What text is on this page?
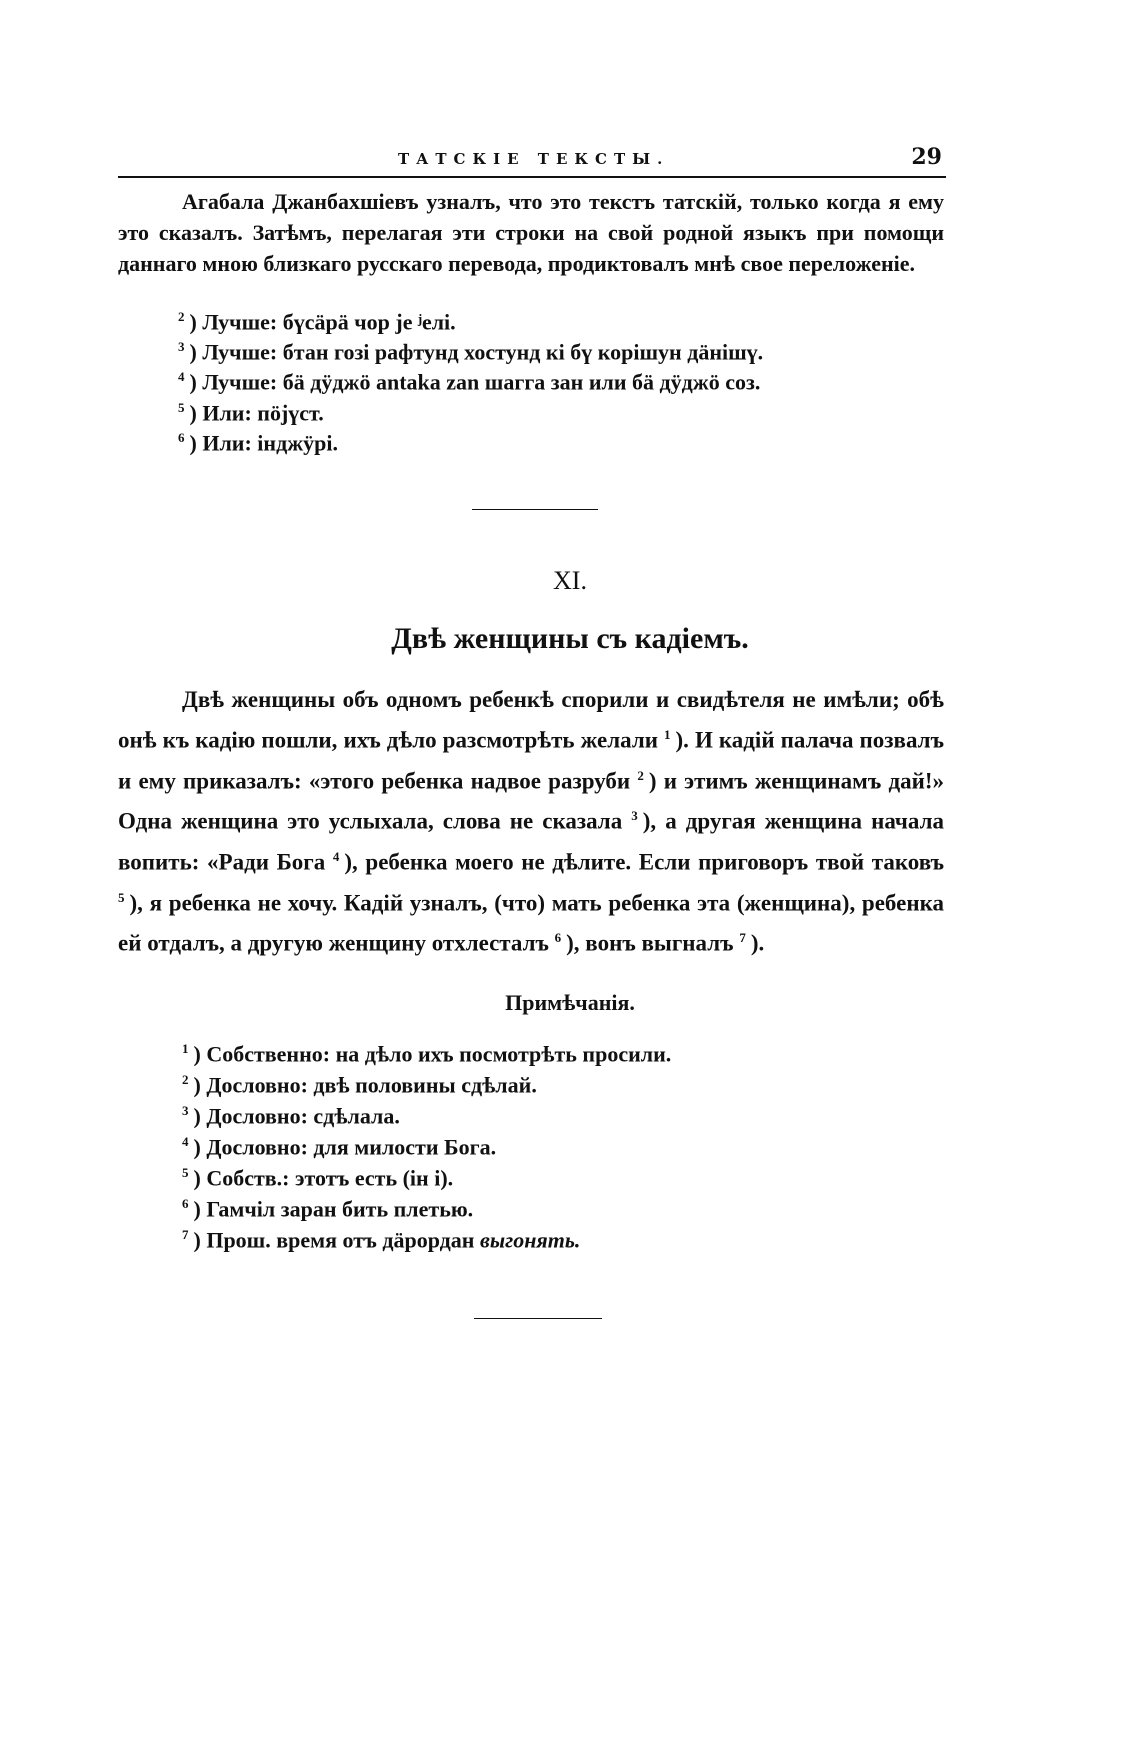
ТАТСКІЕ ТЕКСТЫ.	29
Агабала Джанбахшіевъ узналъ, что это текстъ татскій, только когда я ему это сказалъ. Затѣмъ, перелагая эти строки на свой родной языкъ при помощи даннаго мною близкаго русскаго перевода, продиктовалъ мнѣ свое переложеніе.
$^2$ ) Лучше: бүсäрä чор јe ʲeлi.
$^3$ ) Лучше: бтан гозi рафтунд хостунд кі бү корiшун дäнiшү.
$^4$ ) Лучше: бä дӱджö antaka zan шагга зан или бä дӱджö соз.
$^5$ ) Или: пöјүст.
$^6$ ) Или: iнджӱрi.
XI.
Двѣ женщины съ кадіемъ.
Двѣ женщины объ одномъ ребенкѣ спорили и свидѣтеля не имѣли; обѣ онѣ къ кадію пошли, ихъ дѣло разсмотрѣть желали $^1$ ). И кадій палача позвалъ и ему приказалъ: «этого ребенка надвое разруби $^2$ ) и этимъ женщинамъ дай!» Одна женщина это услыхала, слова не сказала $^3$ ), а другая женщина начала вопить: «Ради Бога $^4$ ), ребенка моего не дѣлите. Если приговоръ твой таковъ $^5$ ), я ребенка не хочу. Кадій узналъ, (что) мать ребенка эта (женщина), ребенка ей отдалъ, а другую женщину отхлесталъ $^6$ ), вонъ выгналъ $^7$ ).
Примѣчанія.
$^1$ ) Собственно: на дѣло ихъ посмотрѣть просили.
$^2$ ) Дословно: двѣ половины сдѣлай.
$^3$ ) Дословно: сдѣлала.
$^4$ ) Дословно: для милости Бога.
$^5$ ) Собств.: этотъ есть (ін і).
$^6$ ) Гамчіл заран бить плетью.
$^7$ ) Прош. время отъ дäрордан выгонять.
